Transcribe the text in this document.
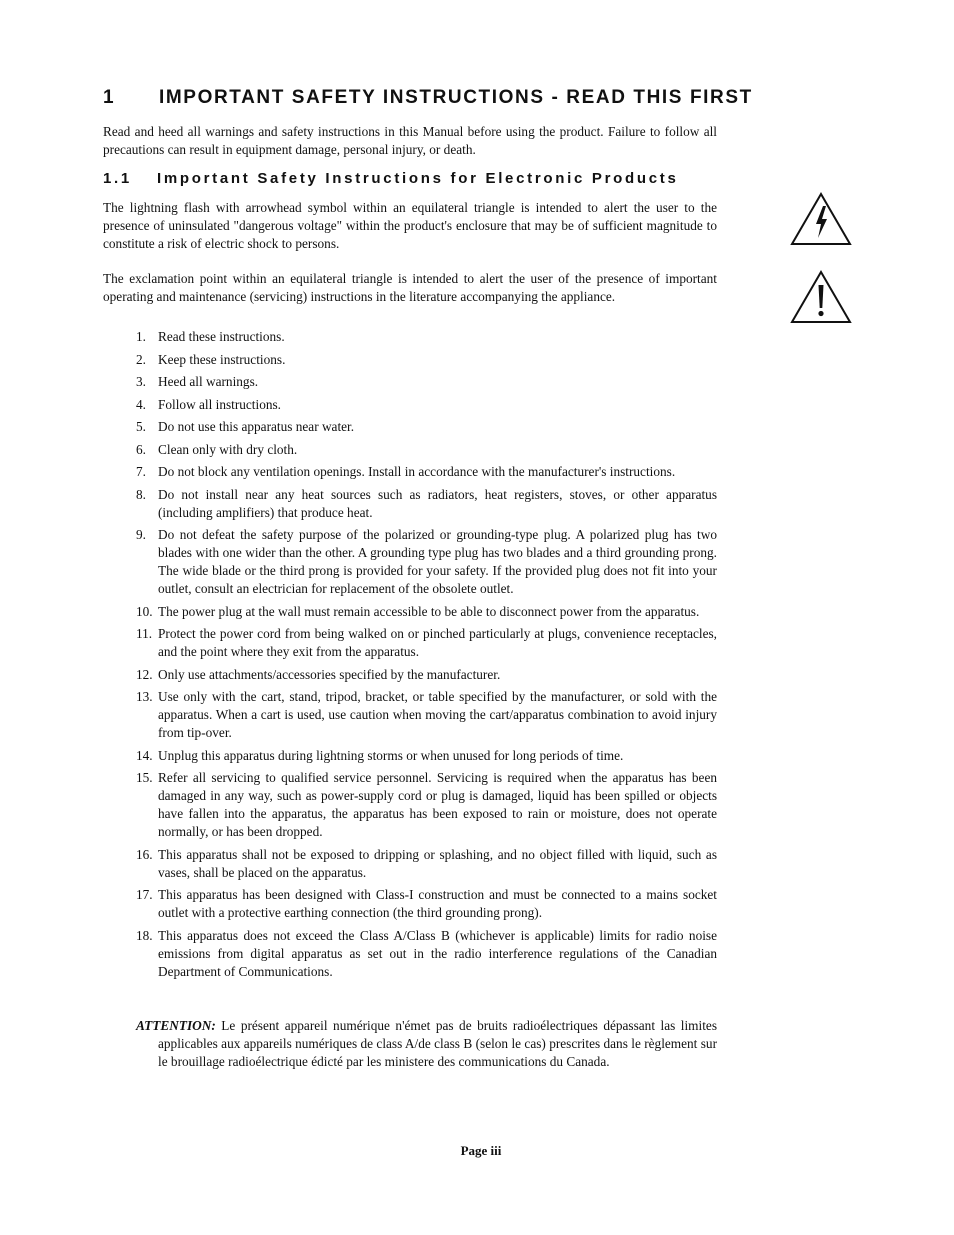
1 IMPORTANT SAFETY INSTRUCTIONS - READ THIS FIRST

Read and heed all warnings and safety instructions in this Manual before using the product. Failure to follow all precautions can result in equipment damage, personal injury, or death.

1.1 Important Safety Instructions for Electronic Products

The lightning flash with arrowhead symbol within an equilateral triangle is intended to alert the user to the presence of uninsulated "dangerous voltage" within the product's enclosure that may be of sufficient magnitude to constitute a risk of electric shock to persons.

The exclamation point within an equilateral triangle is intended to alert the user of the presence of important operating and maintenance (servicing) instructions in the literature accompanying the appliance.

1. Read these instructions.
2. Keep these instructions.
3. Heed all warnings.
4. Follow all instructions.
5. Do not use this apparatus near water.
6. Clean only with dry cloth.
7. Do not block any ventilation openings. Install in accordance with the manufacturer's instructions.
8. Do not install near any heat sources such as radiators, heat registers, stoves, or other apparatus (including amplifiers) that produce heat.
9. Do not defeat the safety purpose of the polarized or grounding-type plug. A polarized plug has two blades with one wider than the other. A grounding type plug has two blades and a third grounding prong. The wide blade or the third prong is provided for your safety. If the provided plug does not fit into your outlet, consult an electrician for replacement of the obsolete outlet.
10. The power plug at the wall must remain accessible to be able to disconnect power from the apparatus.
11. Protect the power cord from being walked on or pinched particularly at plugs, convenience receptacles, and the point where they exit from the apparatus.
12. Only use attachments/accessories specified by the manufacturer.
13. Use only with the cart, stand, tripod, bracket, or table specified by the manufacturer, or sold with the apparatus. When a cart is used, use caution when moving the cart/apparatus combination to avoid injury from tip-over.
14. Unplug this apparatus during lightning storms or when unused for long periods of time.
15. Refer all servicing to qualified service personnel. Servicing is required when the apparatus has been damaged in any way, such as power-supply cord or plug is damaged, liquid has been spilled or objects have fallen into the apparatus, the apparatus has been exposed to rain or moisture, does not operate normally, or has been dropped.
16. This apparatus shall not be exposed to dripping or splashing, and no object filled with liquid, such as vases, shall be placed on the apparatus.
17. This apparatus has been designed with Class-I construction and must be connected to a mains socket outlet with a protective earthing connection (the third grounding prong).
18. This apparatus does not exceed the Class A/Class B (whichever is applicable) limits for radio noise emissions from digital apparatus as set out in the radio interference regulations of the Canadian Department of Communications.

ATTENTION: Le présent appareil numérique n'émet pas de bruits radioélectriques dépassant las limites applicables aux appareils numériques de class A/de class B (selon le cas) prescrites dans le règlement sur le brouillage radioélectrique édicté par les ministere des communications du Canada.

Page iii
